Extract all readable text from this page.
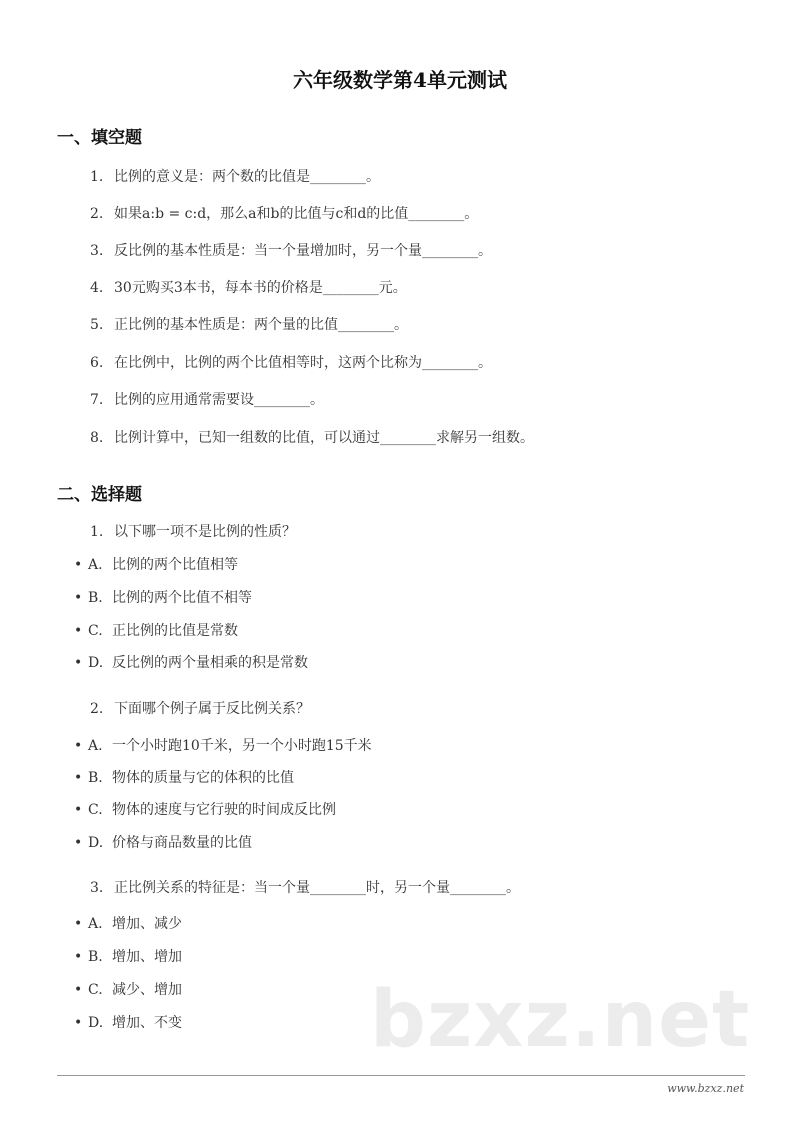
六年级数学第4单元测试
一、填空题
1. 比例的意义是：两个数的比值是________。
2. 如果a:b = c:d，那么a和b的比值与c和d的比值________。
3. 反比例的基本性质是：当一个量增加时，另一个量________。
4. 30元购买3本书，每本书的价格是________元。
5. 正比例的基本性质是：两个量的比值________。
6. 在比例中，比例的两个比值相等时，这两个比称为________。
7. 比例的应用通常需要设________。
8. 比例计算中，已知一组数的比值，可以通过________求解另一组数。
二、选择题
1. 以下哪一项不是比例的性质？
• A. 比例的两个比值相等
• B. 比例的两个比值不相等
• C. 正比例的比值是常数
• D. 反比例的两个量相乘的积是常数
2. 下面哪个例子属于反比例关系？
• A. 一个小时跑10千米，另一个小时跑15千米
• B. 物体的质量与它的体积的比值
• C. 物体的速度与它行驶的时间成反比例
• D. 价格与商品数量的比值
3. 正比例关系的特征是：当一个量________时，另一个量________。
• A. 增加、减少
• B. 增加、增加
• C. 减少、增加
• D. 增加、不变 bzxz.net
www.bzxz.net
